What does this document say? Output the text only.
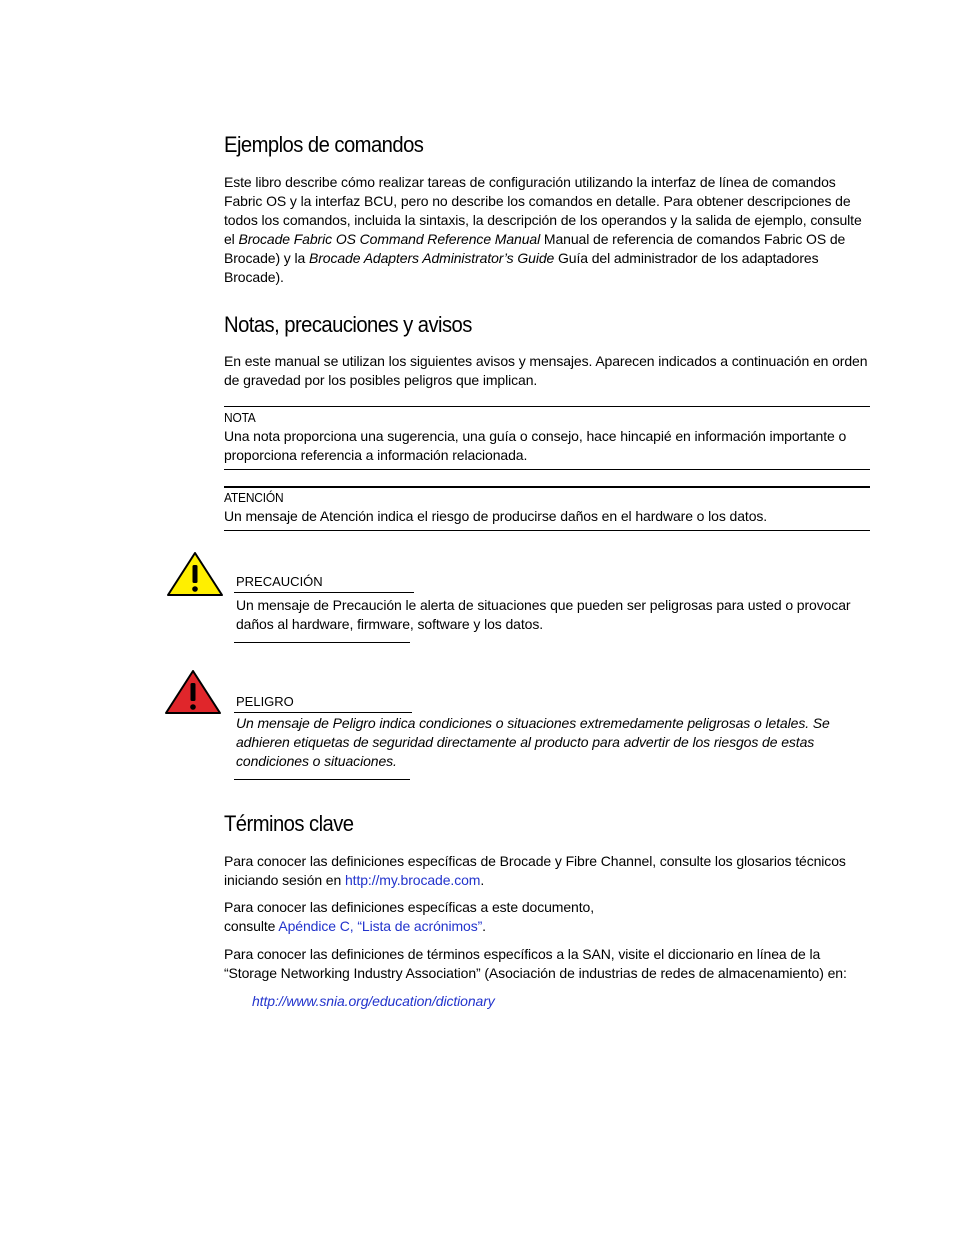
Ejemplos de comandos

Este libro describe cómo realizar tareas de configuración utilizando la interfaz de línea de comandos Fabric OS y la interfaz BCU, pero no describe los comandos en detalle. Para obtener descripciones de todos los comandos, incluida la sintaxis, la descripción de los operandos y la salida de ejemplo, consulte el Brocade Fabric OS Command Reference Manual Manual de referencia de comandos Fabric OS de Brocade) y la Brocade Adapters Administrator’s Guide Guía del administrador de los adaptadores Brocade).

Notas, precauciones y avisos

En este manual se utilizan los siguientes avisos y mensajes. Aparecen indicados a continuación en orden de gravedad por los posibles peligros que implican.

NOTA

Una nota proporciona una sugerencia, una guía o consejo, hace hincapié en información importante o proporciona referencia a información relacionada.

ATENCIÓN

Un mensaje de Atención indica el riesgo de producirse daños en el hardware o los datos.

PRECAUCIÓN

Un mensaje de Precaución le alerta de situaciones que pueden ser peligrosas para usted o provocar daños al hardware, firmware, software y los datos.

PELIGRO

Un mensaje de Peligro indica condiciones o situaciones extremedamente peligrosas o letales. Se adhieren etiquetas de seguridad directamente al producto para advertir de los riesgos de estas condiciones o situaciones.

Términos clave

Para conocer las definiciones específicas de Brocade y Fibre Channel, consulte los glosarios técnicos iniciando sesión en http://my.brocade.com.

Para conocer las definiciones específicas a este documento,

consulte Apéndice C, “Lista de acrónimos”.

Para conocer las definiciones de términos específicos a la SAN, visite el diccionario en línea de la “Storage Networking Industry Association” (Asociación de industrias de redes de almacenamiento) en:

http://www.snia.org/education/dictionary
